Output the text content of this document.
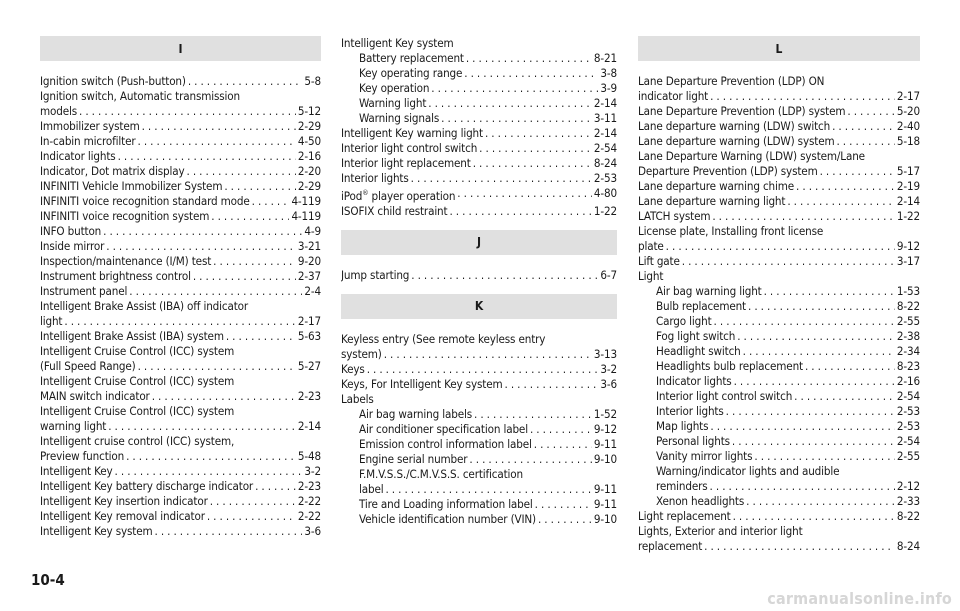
I
Ignition switch (Push-button) . . .	5-8
Ignition switch, Automatic transmission
models . . .	5-12
Immobilizer system . . .	2-29
In-cabin microfilter . . .	4-50
Indicator lights . . .	2-16
Indicator, Dot matrix display . . .	2-20
INFINITI Vehicle Immobilizer System . . .	2-29
INFINITI voice recognition standard mode . . .	4-119
INFINITI voice recognition system . . .	4-119
INFO button . . .	4-9
Inside mirror . . .	3-21
Inspection/maintenance (I/M) test . . .	9-20
Instrument brightness control . . .	2-37
Instrument panel . . .	2-4
Intelligent Brake Assist (IBA) off indicator
light . . .	2-17
Intelligent Brake Assist (IBA) system . . .	5-63
Intelligent Cruise Control (ICC) system
(Full Speed Range) . . .	5-27
Intelligent Cruise Control (ICC) system
MAIN switch indicator . . .	2-23
Intelligent Cruise Control (ICC) system
warning light . . .	2-14
Intelligent cruise control (ICC) system,
Preview function . . .	5-48
Intelligent Key . . .	3-2
Intelligent Key battery discharge indicator . . .	2-23
Intelligent Key insertion indicator . . .	2-22
Intelligent Key removal indicator . . .	2-22
Intelligent Key system . . .	3-6
Intelligent Key system
Battery replacement . . .	8-21
Key operating range . . .	3-8
Key operation . . .	3-9
Warning light . . .	2-14
Warning signals . . .	3-11
Intelligent Key warning light . . .	2-14
Interior light control switch . . .	2-54
Interior light replacement . . .	8-24
Interior lights . . .	2-53
iPod® player operation . . .	4-80
ISOFIX child restraint . . .	1-22
J
Jump starting . . .	6-7
K
Keyless entry (See remote keyless entry
system) . . .	3-13
Keys . . .	3-2
Keys, For Intelligent Key system . . .	3-6
Labels
Air bag warning labels . . .	1-52
Air conditioner specification label . . .	9-12
Emission control information label . . .	9-11
Engine serial number . . .	9-10
F.M.V.S.S./C.M.V.S.S. certification
label . . .	9-11
Tire and Loading information label . . .	9-11
Vehicle identification number (VIN) . . .	9-10
L
Lane Departure Prevention (LDP) ON
indicator light . . .	2-17
Lane Departure Prevention (LDP) system . . .	5-20
Lane departure warning (LDW) switch . . .	2-40
Lane departure warning (LDW) system . . .	5-18
Lane Departure Warning (LDW) system/Lane
Departure Prevention (LDP) system . . .	5-17
Lane departure warning chime . . .	2-19
Lane departure warning light . . .	2-14
LATCH system . . .	1-22
License plate, Installing front license
plate . . .	9-12
Lift gate . . .	3-17
Light
Air bag warning light . . .	1-53
Bulb replacement . . .	8-22
Cargo light . . .	2-55
Fog light switch . . .	2-38
Headlight switch . . .	2-34
Headlights bulb replacement . . .	8-23
Indicator lights . . .	2-16
Interior light control switch . . .	2-54
Interior lights . . .	2-53
Map lights . . .	2-53
Personal lights . . .	2-54
Vanity mirror lights . . .	2-55
Warning/indicator lights and audible
reminders . . .	2-12
Xenon headlights . . .	2-33
Light replacement . . .	8-22
Lights, Exterior and interior light
replacement . . .	8-24
10-4
carmanualsonline.info
